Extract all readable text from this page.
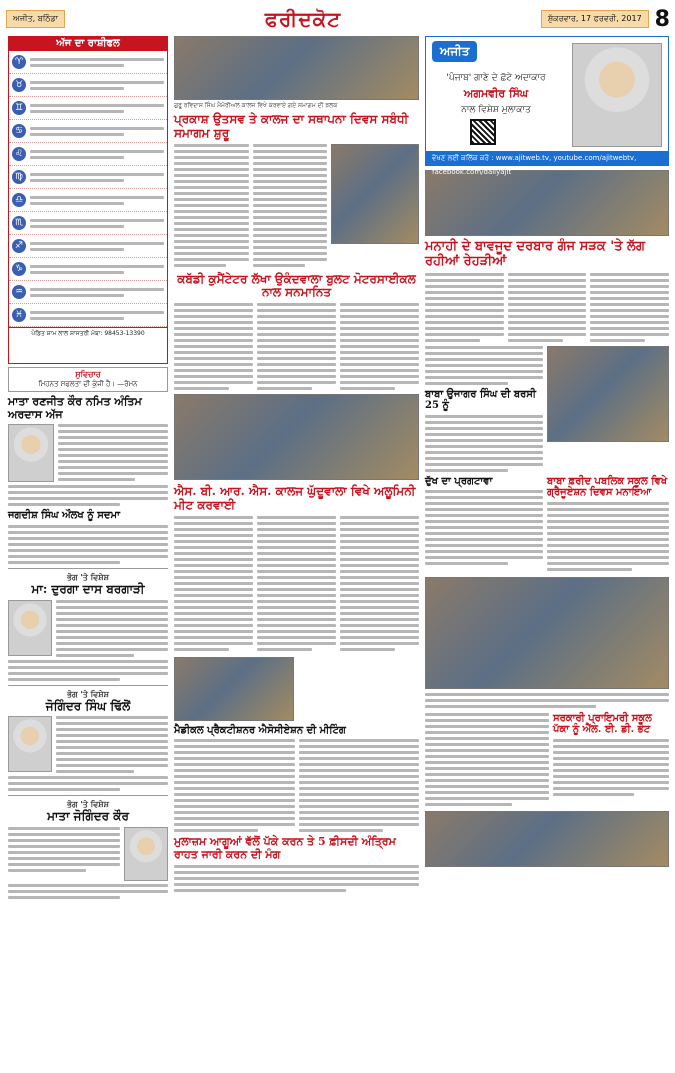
ਅਜੀਤ, ਬਠਿੰਡਾ	ਫਰੀਦਕੋਟ	ਸ਼ੁੱਕਰਵਾਰ, 17 ਫਰਵਰੀ, 2017 8
ਅੱਜ ਦਾ ਰਾਸ਼ੀਫਲ
♈
♉
♊
♋
♌
♍
♎
♏
♐
♑
♒
♓
ਪੰਡਿਤ ਸ਼ਾਮ ਲਾਲ ਸ਼ਾਸਤਰੀ ਮੋਬਾ: 98453-13390
ਸੁਵਿਚਾਰ
ਮਿਹਨਤ ਸਫਲਤਾ ਦੀ ਕੁੰਜੀ ਹੈ। —ਰੋਮਨ
ਮਾਤਾ ਰਣਜੀਤ ਕੌਰ ਨਮਿਤ ਅੰਤਿਮ ਅਰਦਾਸ ਅੱਜ
ਜਗਦੀਸ਼ ਸਿੰਘ ਔਲਖ ਨੂੰ ਸਦਮਾ
ਭੋਗ 'ਤੇ ਵਿਸ਼ੇਸ਼
ਮਾ: ਦੁਰਗਾ ਦਾਸ ਬਰਗਾੜੀ
ਭੋਗ 'ਤੇ ਵਿਸ਼ੇਸ਼
ਜੋਗਿੰਦਰ ਸਿੰਘ ਢਿੱਲੋਂ
ਭੋਗ 'ਤੇ ਵਿਸ਼ੇਸ਼
ਮਾਤਾ ਜੋਗਿੰਦਰ ਕੌਰ
ਗੁਰੂ ਰਵਿਦਾਸ ਸਿੰਘ ਮੈਮੋਰੀਅਲ ਕਾਲਜ ਵਿਖੇ ਕਰਵਾਏ ਗਏ ਸਮਾਗਮ ਦੀ ਝਲਕ
ਪ੍ਰਕਾਸ਼ ਉਤਸਵ ਤੇ ਕਾਲਜ ਦਾ ਸਥਾਪਨਾ ਦਿਵਸ ਸਬੰਧੀ ਸਮਾਗਮ ਸ਼ੁਰੂ
ਕਬੱਡੀ ਕੁਮੈਂਟੇਟਰ ਲੱਖਾ ਉਕੰਦਵਾਲਾ ਬੁਲਟ ਮੋਟਰਸਾਈਕਲ ਨਾਲ ਸਨਮਾਨਿਤ
ਐਸ. ਬੀ. ਆਰ. ਐਸ. ਕਾਲਜ ਘੁੱਦੂਵਾਲਾ ਵਿਖੇ ਅਲੂਮਿਨੀ ਮੀਟ ਕਰਵਾਈ
ਮੈਡੀਕਲ ਪ੍ਰੈਕਟੀਸ਼ਨਰ ਐਸੋਸੀਏਸ਼ਨ ਦੀ ਮੀਟਿੰਗ
ਮੁਲਾਜ਼ਮ ਆਗੂਆਂ ਵੱਲੋਂ ਪੱਕੇ ਕਰਨ ਤੇ 5 ਫ਼ੀਸਦੀ ਅੰਤ੍ਰਿਮ ਰਾਹਤ ਜਾਰੀ ਕਰਨ ਦੀ ਮੰਗ
ਅਜੀਤ
'ਪੰਜਾਬ' ਗਾਣੇ ਦੇ ਛੋਟੇ ਅਦਾਕਾਰ
ਅਗਮਵੀਰ ਸਿੰਘ
ਨਾਲ ਵਿਸ਼ੇਸ਼ ਮੁਲਾਕਾਤ
ਵੇਖਣ ਲਈ ਕਲਿੱਕ ਕਰੋ : www.ajitweb.tv, youtube.com/ajitwebtv, facebook.com/dailyajit
ਮਨਾਹੀ ਦੇ ਬਾਵਜੂਦ ਦਰਬਾਰ ਗੰਜ ਸੜਕ 'ਤੇ ਲੱਗ ਰਹੀਆਂ ਰੇਹੜੀਆਂ
ਬਾਬਾ ਉਜਾਗਰ ਸਿੰਘ ਦੀ ਬਰਸੀ 25 ਨੂੰ
ਦੁੱਖ ਦਾ ਪ੍ਰਗਟਾਵਾ	ਬਾਬਾ ਫ਼ਰੀਦ ਪਬਲਿਕ ਸਕੂਲ ਵਿਖੇ ਗ੍ਰੈਜੂਏਸ਼ਨ ਦਿਵਸ ਮਨਾਇਆ
ਸਰਕਾਰੀ ਪ੍ਰਾਇਮਰੀ ਸਕੂਲ ਪੱਕਾ ਨੂੰ ਐੱਲ. ਈ. ਡੀ. ਭੇਟ
